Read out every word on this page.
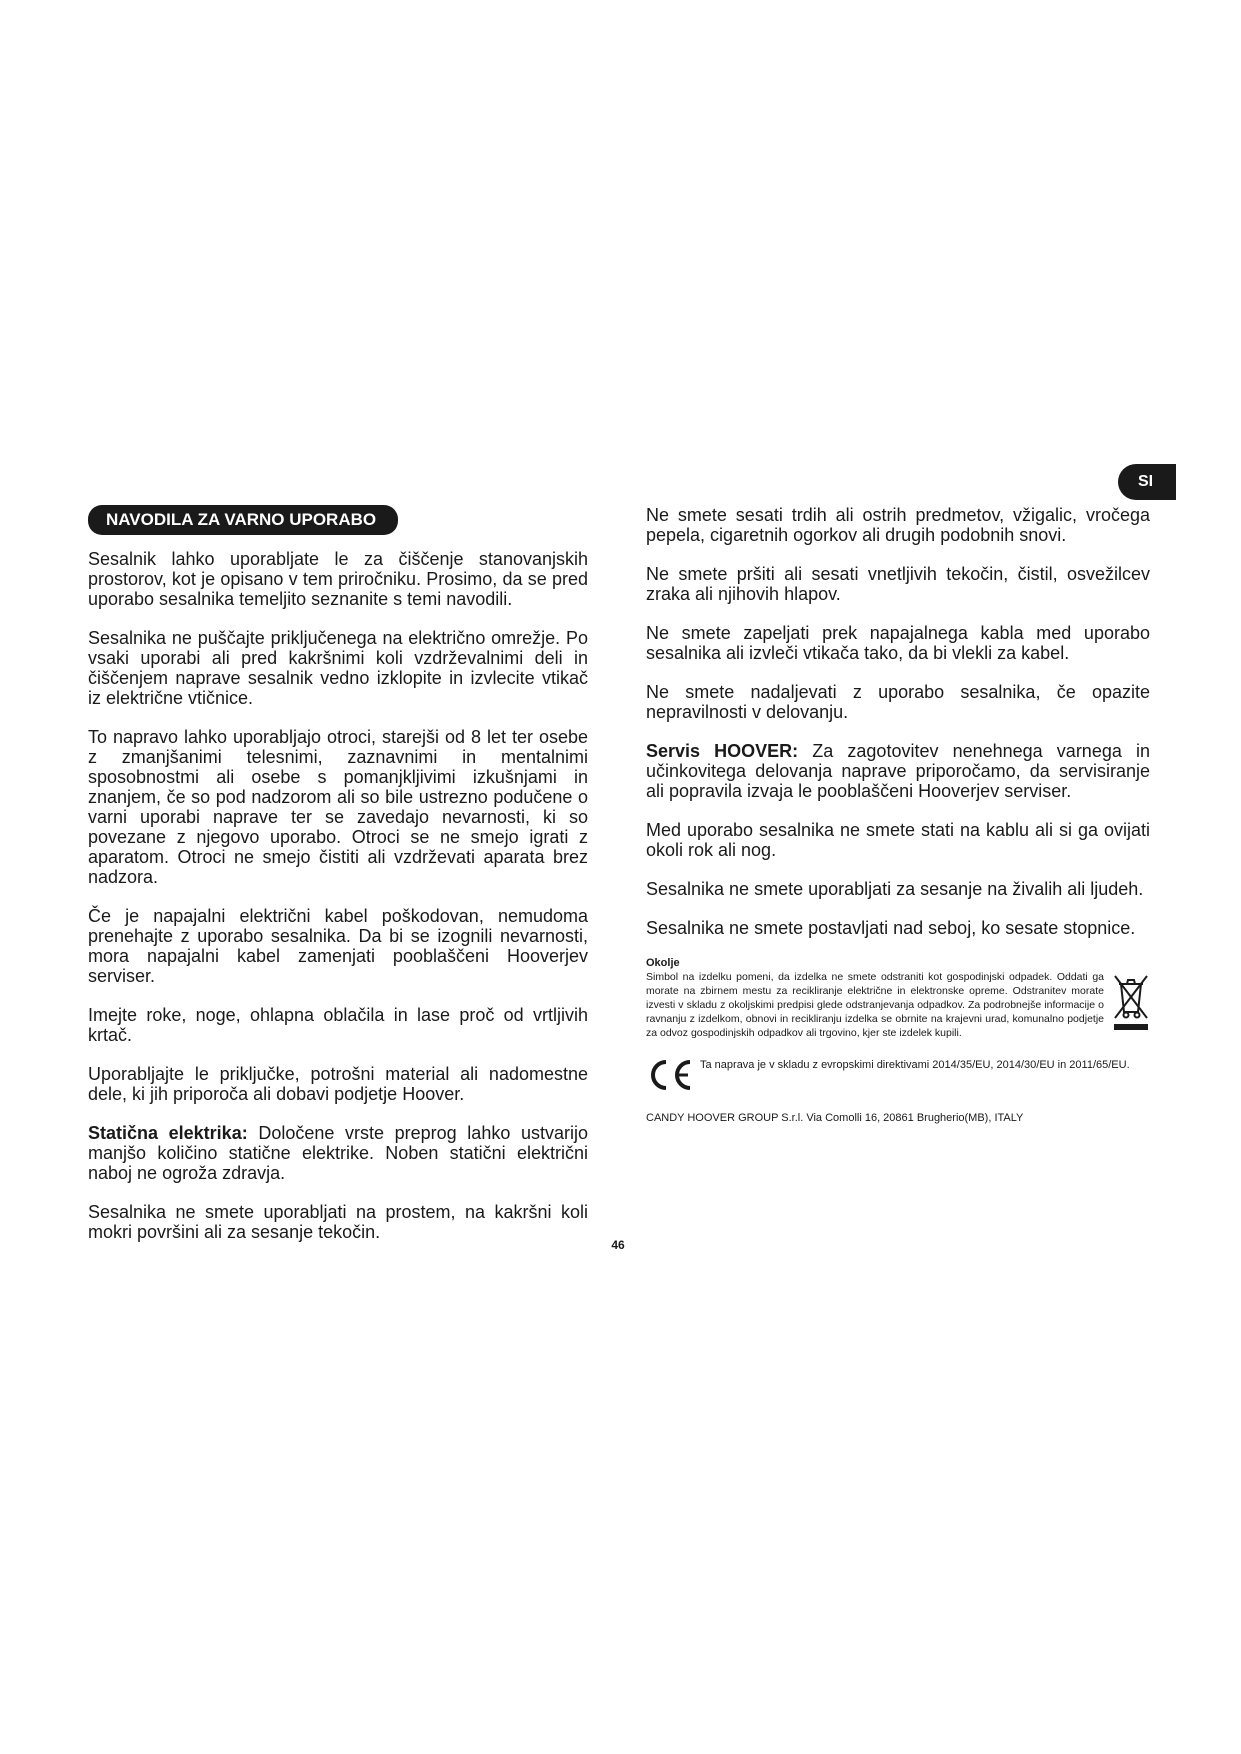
SI
NAVODILA ZA VARNO UPORABO

Sesalnik lahko uporabljate le za čiščenje stanovanjskih prostorov, kot je opisano v tem priročniku. Prosimo, da se pred uporabo sesalnika temeljito seznanite s temi navodili.

Sesalnika ne puščajte priključenega na električno omrežje. Po vsaki uporabi ali pred kakršnimi koli vzdrževalnimi deli in čiščenjem naprave sesalnik vedno izklopite in izvlecite vtikač iz električne vtičnice.

To napravo lahko uporabljajo otroci, starejši od 8 let ter osebe z zmanjšanimi telesnimi, zaznavnimi in mentalnimi sposobnostmi ali osebe s pomanjkljivimi izkušnjami in znanjem, če so pod nadzorom ali so bile ustrezno podučene o varni uporabi naprave ter se zavedajo nevarnosti, ki so povezane z njegovo uporabo. Otroci se ne smejo igrati z aparatom. Otroci ne smejo čistiti ali vzdrževati aparata brez nadzora.

Če je napajalni električni kabel poškodovan, nemudoma prenehajte z uporabo sesalnika. Da bi se izognili nevarnosti, mora napajalni kabel zamenjati pooblaščeni Hooverjev serviser.

Imejte roke, noge, ohlapna oblačila in lase proč od vrtljivih krtač.

Uporabljajte le priključke, potrošni material ali nadomestne dele, ki jih priporoča ali dobavi podjetje Hoover.

Statična elektrika: Določene vrste preprog lahko ustvarijo manjšo količino statične elektrike. Noben statični električni naboj ne ogroža zdravja.

Sesalnika ne smete uporabljati na prostem, na kakršni koli mokri površini ali za sesanje tekočin.

Ne smete sesati trdih ali ostrih predmetov, vžigalic, vročega pepela, cigaretnih ogorkov ali drugih podobnih snovi.

Ne smete pršiti ali sesati vnetljivih tekočin, čistil, osvežilcev zraka ali njihovih hlapov.

Ne smete zapeljati prek napajalnega kabla med uporabo sesalnika ali izvleči vtikača tako, da bi vlekli za kabel.

Ne smete nadaljevati z uporabo sesalnika, če opazite nepravilnosti v delovanju.

Servis HOOVER: Za zagotovitev nenehnega varnega in učinkovitega delovanja naprave priporočamo, da servisiranje ali popravila izvaja le pooblaščeni Hooverjev serviser.

Med uporabo sesalnika ne smete stati na kablu ali si ga ovijati okoli rok ali nog.

Sesalnika ne smete uporabljati za sesanje na živalih ali ljudeh.

Sesalnika ne smete postavljati nad seboj, ko sesate stopnice.

Okolje

Simbol na izdelku pomeni, da izdelka ne smete odstraniti kot gospodinjski odpadek. Oddati ga morate na zbirnem mestu za recikliranje električne in elektronske opreme. Odstranitev morate izvesti v skladu z okoljskimi predpisi glede odstranjevanja odpadkov. Za podrobnejše informacije o ravnanju z izdelkom, obnovi in recikliranju izdelka se obrnite na krajevni urad, komunalno podjetje za odvoz gospodinjskih odpadkov ali trgovino, kjer ste izdelek kupili.

Ta naprava je v skladu z evropskimi direktivami 2014/35/EU, 2014/30/EU in 2011/65/EU.

CANDY HOOVER GROUP S.r.l. Via Comolli 16, 20861 Brugherio(MB), ITALY
46
